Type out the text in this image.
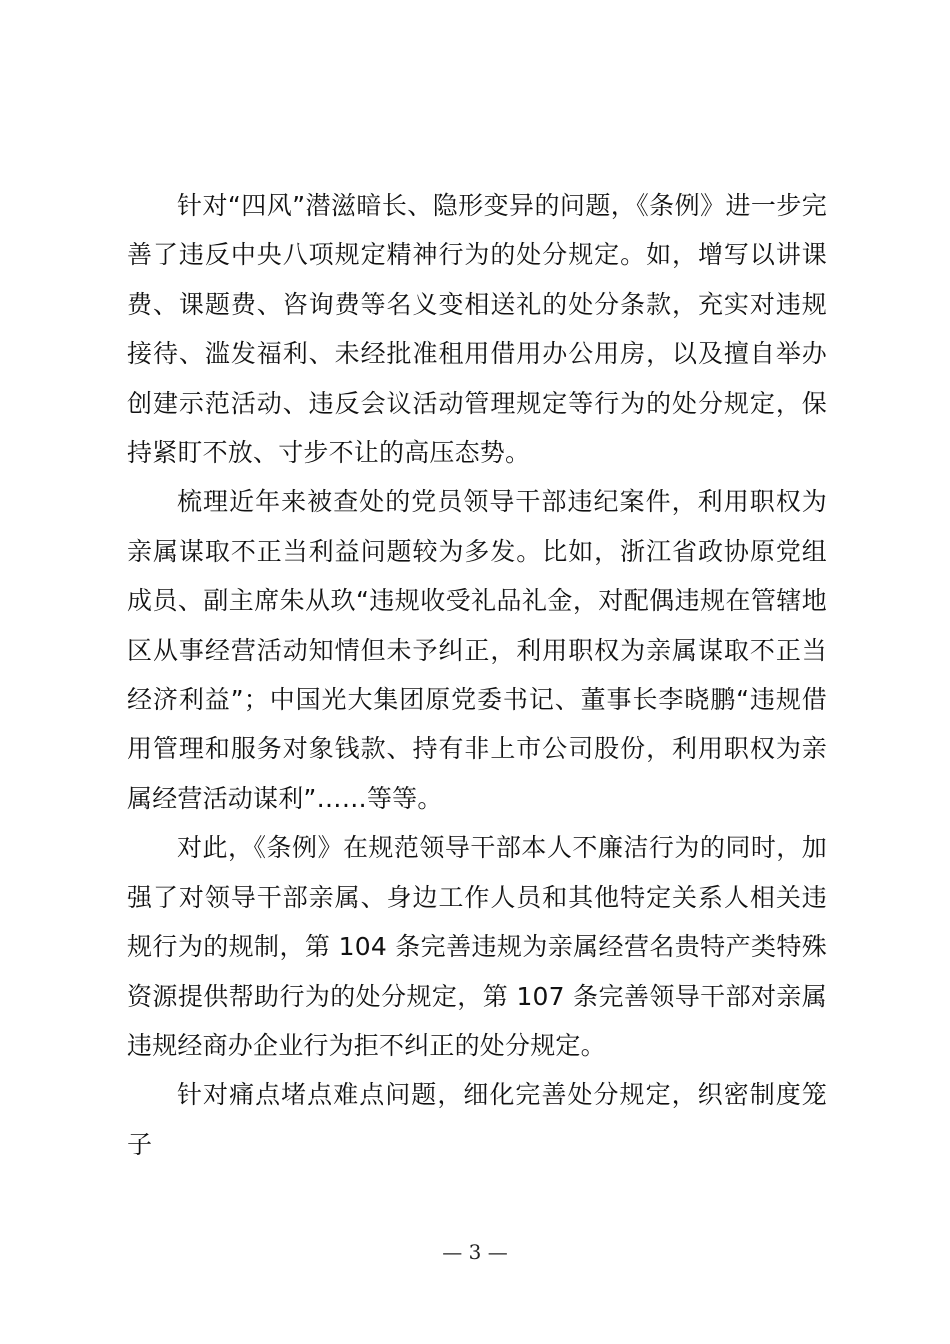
针对“四风”潜滋暗长、隐形变异的问题，《条例》进一步完善了违反中央八项规定精神行为的处分规定。如，增写以讲课费、课题费、咨询费等名义变相送礼的处分条款，充实对违规接待、滥发福利、未经批准租用借用办公用房，以及擅自举办创建示范活动、违反会议活动管理规定等行为的处分规定，保持紧盯不放、寸步不让的高压态势。

梳理近年来被查处的党员领导干部违纪案件，利用职权为亲属谋取不正当利益问题较为多发。比如，浙江省政协原党组成员、副主席朱从玖“违规收受礼品礼金，对配偶违规在管辖地区从事经营活动知情但未予纠正，利用职权为亲属谋取不正当经济利益”；中国光大集团原党委书记、董事长李晓鹏“违规借用管理和服务对象钱款、持有非上市公司股份，利用职权为亲属经营活动谋利”……等等。

对此，《条例》在规范领导干部本人不廉洁行为的同时，加强了对领导干部亲属、身边工作人员和其他特定关系人相关违规行为的规制，第 104 条完善违规为亲属经营名贵特产类特殊资源提供帮助行为的处分规定，第 107 条完善领导干部对亲属违规经商办企业行为拒不纠正的处分规定。

针对痛点堵点难点问题，细化完善处分规定，织密制度笼子

— 3 —
